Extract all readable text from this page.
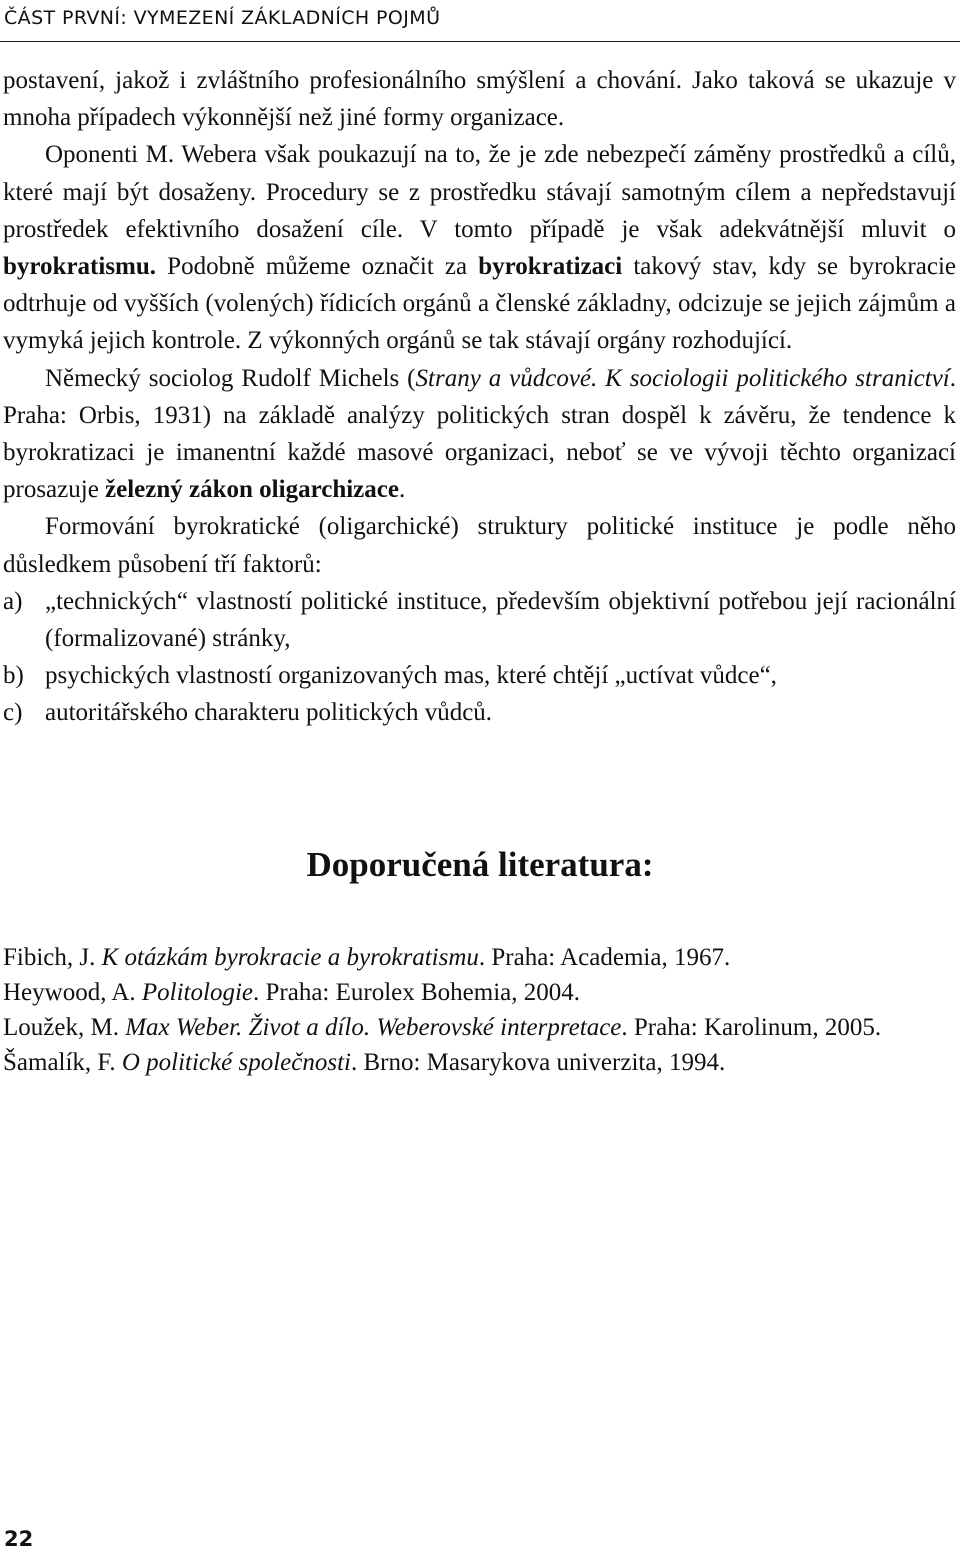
ČÁST PRVNÍ: VYMEZENÍ ZÁKLADNÍCH POJMŮ

postavení, jakož i zvláštního profesionálního smýšlení a chování. Jako taková se ukazuje v mnoha případech výkonnější než jiné formy organizace.

Oponenti M. Webera však poukazují na to, že je zde nebezpečí záměny prostředků a cílů, které mají být dosaženy. Procedury se z prostředku stávají samotným cílem a nepředstavují prostředek efektivního dosažení cíle. V tomto případě je však adekvátnější mluvit o byrokratismu. Podobně můžeme označit za byrokratizaci takový stav, kdy se byrokracie odtrhuje od vyšších (volených) řídicích orgánů a členské základny, odcizuje se jejich zájmům a vymyká jejich kontrole. Z výkonných orgánů se tak stávají orgány rozhodující.

Německý sociolog Rudolf Michels (Strany a vůdcové. K sociologii politického stranictví. Praha: Orbis, 1931) na základě analýzy politických stran dospěl k závěru, že tendence k byrokratizaci je imanentní každé masové organizaci, neboť se ve vývoji těchto organizací prosazuje železný zákon oligarchizace.

Formování byrokratické (oligarchické) struktury politické instituce je podle něho důsledkem působení tří faktorů:

a) „technických“ vlastností politické instituce, především objektivní potřebou její racionální (formalizované) stránky,
b) psychických vlastností organizovaných mas, které chtějí „uctívat vůdce“,
c) autoritářského charakteru politických vůdců.
Doporučená literatura:
Fibich, J. K otázkám byrokracie a byrokratismu. Praha: Academia, 1967.
Heywood, A. Politologie. Praha: Eurolex Bohemia, 2004.
Loužek, M. Max Weber. Život a dílo. Weberovské interpretace. Praha: Karolinum, 2005.
Šamalík, F. O politické společnosti. Brno: Masarykova univerzita, 1994.
22
